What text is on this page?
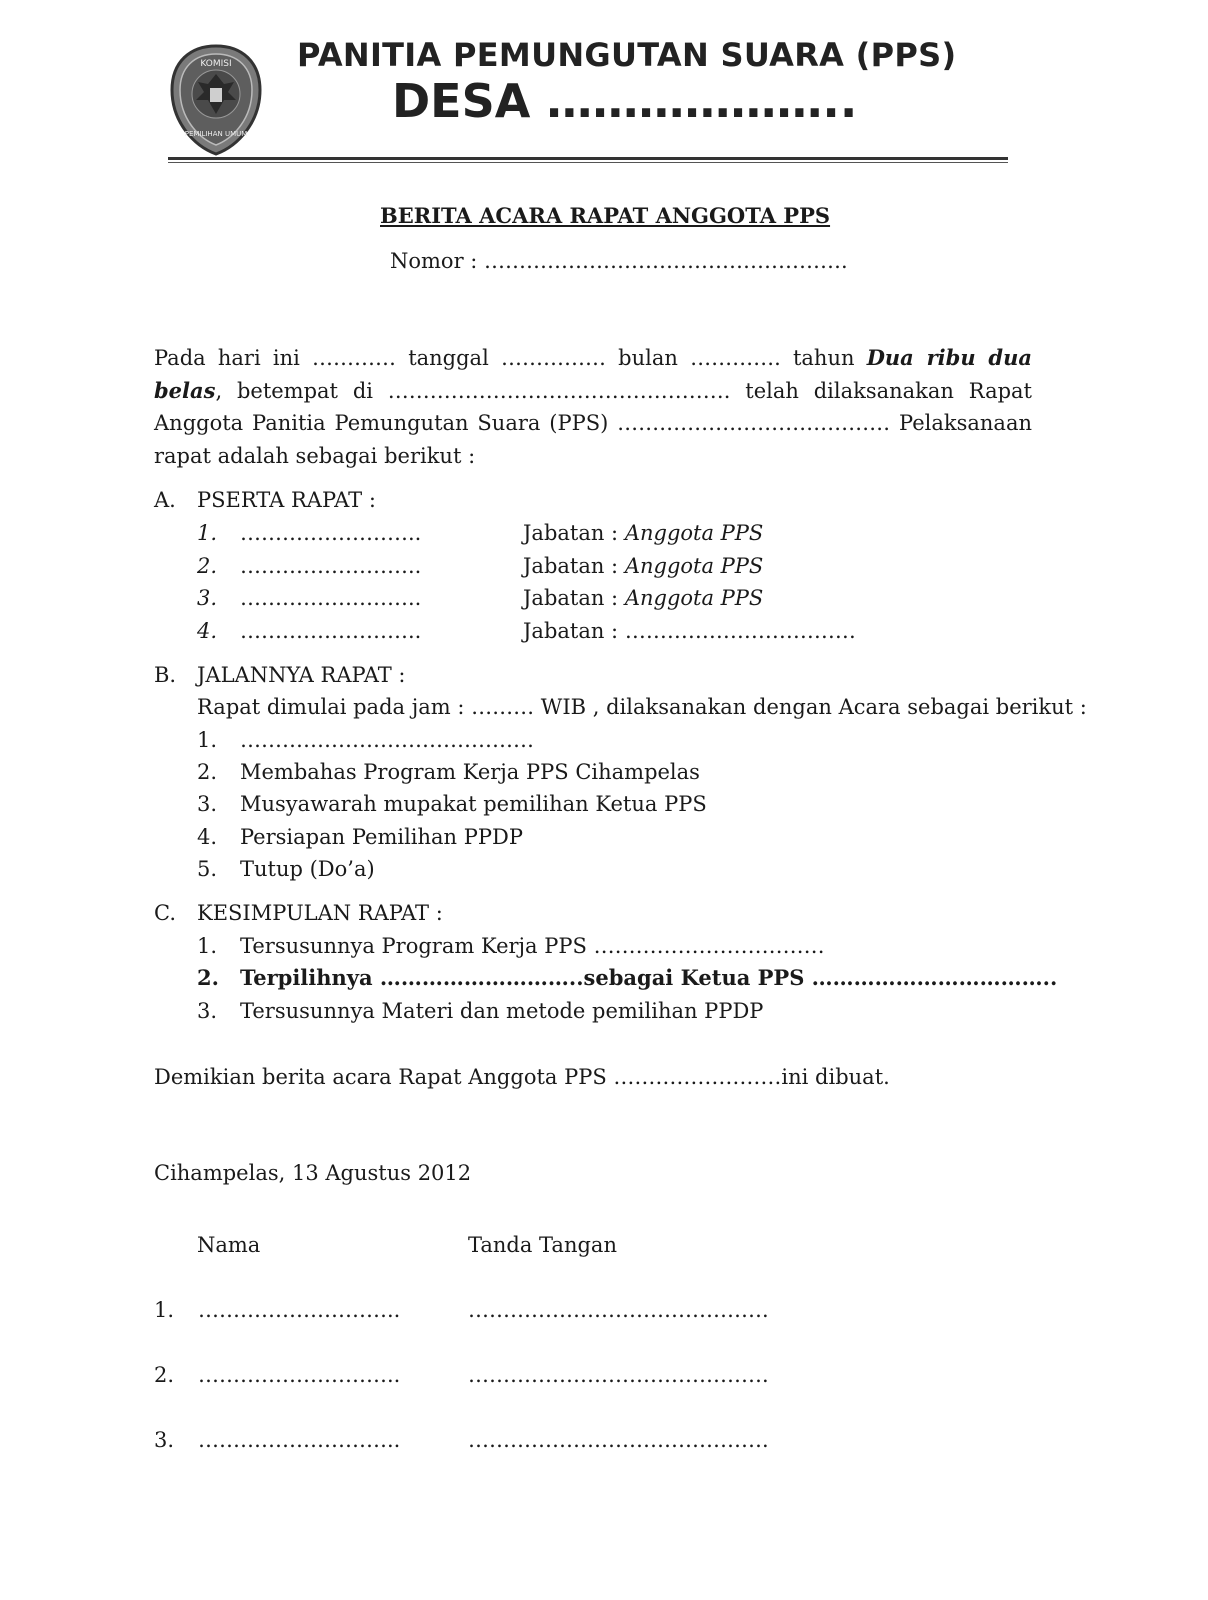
KOMISI
PEMILIHAN UMUM
PANITIA PEMUNGUTAN SUARA (PPS)
DESA ………………..
BERITA ACARA RAPAT ANGGOTA PPS
Nomor : …………………………………………….
Pada hari ini ………… tanggal …………… bulan …………. tahun Dua ribu dua belas, betempat di …………………………………………. telah dilaksanakan Rapat Anggota Panitia Pemungutan Suara (PPS) ………………………………… Pelaksanaan rapat adalah sebagai berikut :
A. PSERTA RAPAT :
1. ……………………..	Jabatan : Anggota PPS
2. ……………………..	Jabatan : Anggota PPS
3. ……………………..	Jabatan : Anggota PPS
4. ……………………..	Jabatan : ……………………………
B. JALANNYA RAPAT :
Rapat dimulai pada jam : ……… WIB , dilaksanakan dengan Acara sebagai berikut :
1. ……………………………………
2. Membahas Program Kerja PPS Cihampelas
3. Musyawarah mupakat pemilihan Ketua PPS
4. Persiapan Pemilihan PPDP
5. Tutup (Do’a)
C. KESIMPULAN RAPAT :
1. Tersusunnya Program Kerja PPS ……………………………
2. Terpilihnya ………………………..sebagai Ketua PPS ……………………………..
3. Tersusunnya Materi dan metode pemilihan PPDP
Demikian berita acara Rapat Anggota PPS ……………………ini dibuat.
Cihampelas, 13 Agustus 2012
Nama	Tanda Tangan
1. ………………………..	…………………………………….
2. ………………………..	…………………………………….
3. ………………………..	…………………………………….
